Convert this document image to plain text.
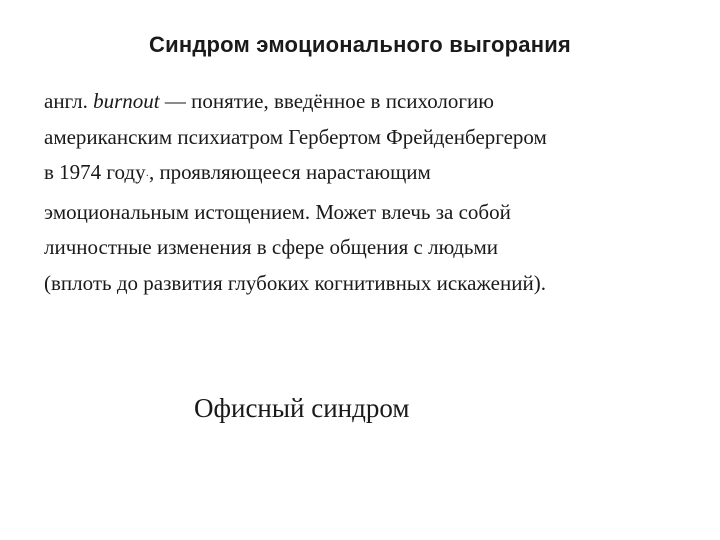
Синдром эмоционального выгорания
англ. burnout — понятие, введённое в психологию
американским психиатром Гербертом Фрейденбергером
в 1974 году·, проявляющееся нарастающим
эмоциональным истощением. Может влечь за собой
личностные изменения в сфере общения с людьми
(вплоть до развития глубоких когнитивных искажений).
Офисный синдром
